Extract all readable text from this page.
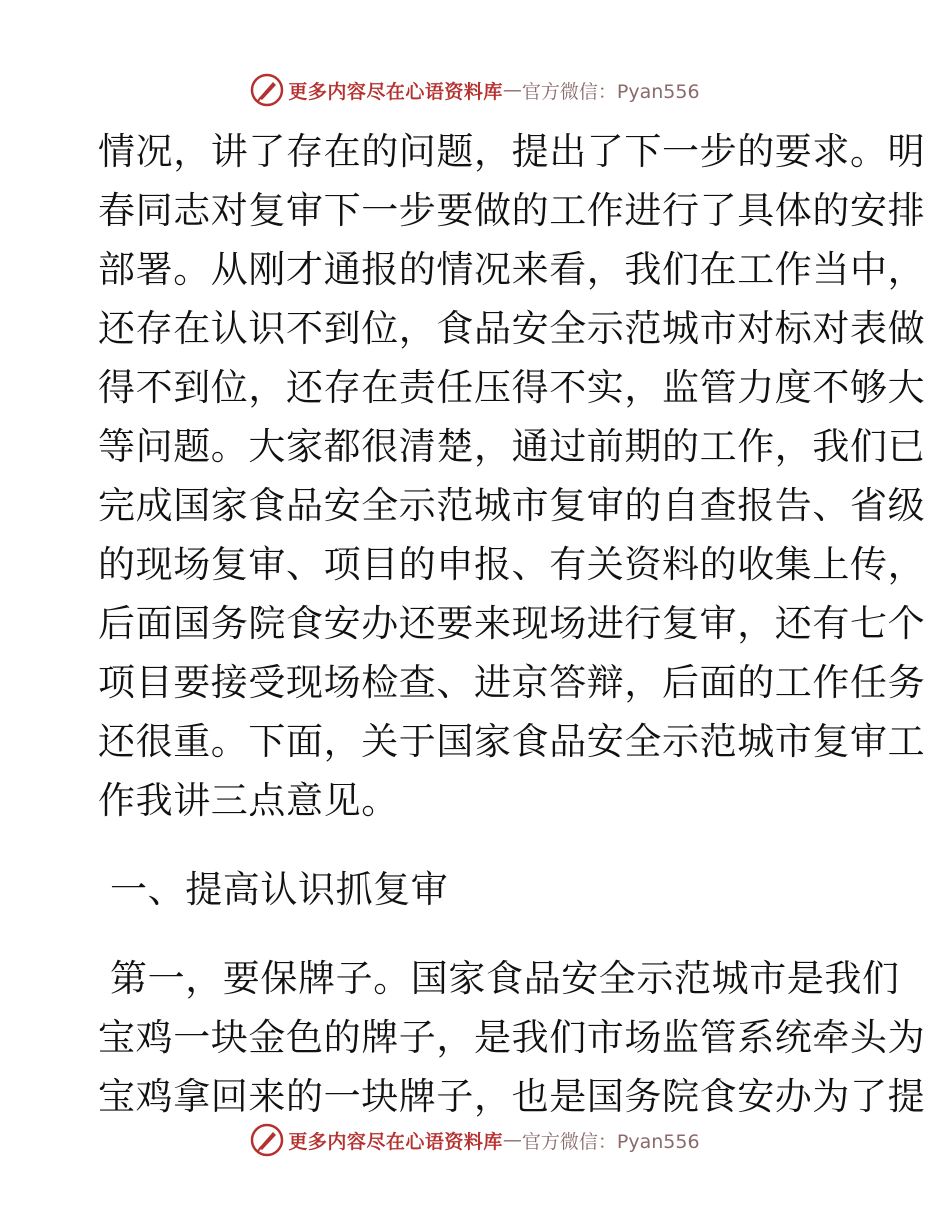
更多内容尽在心语资料库 — 官方微信：Pyan556
情况，讲了存在的问题，提出了下一步的要求。明
春同志对复审下一步要做的工作进行了具体的安排
部署。从刚才通报的情况来看，我们在工作当中，
还存在认识不到位，食品安全示范城市对标对表做
得不到位，还存在责任压得不实，监管力度不够大
等问题。大家都很清楚，通过前期的工作，我们已
完成国家食品安全示范城市复审的自查报告、省级
的现场复审、项目的申报、有关资料的收集上传，
后面国务院食安办还要来现场进行复审，还有七个
项目要接受现场检查、进京答辩，后面的工作任务
还很重。下面，关于国家食品安全示范城市复审工
作我讲三点意见。
一、提高认识抓复审
第一，要保牌子。国家食品安全示范城市是我们
宝鸡一块金色的牌子，是我们市场监管系统牵头为
宝鸡拿回来的一块牌子，也是国务院食安办为了提
更多内容尽在心语资料库 — 官方微信：Pyan556
